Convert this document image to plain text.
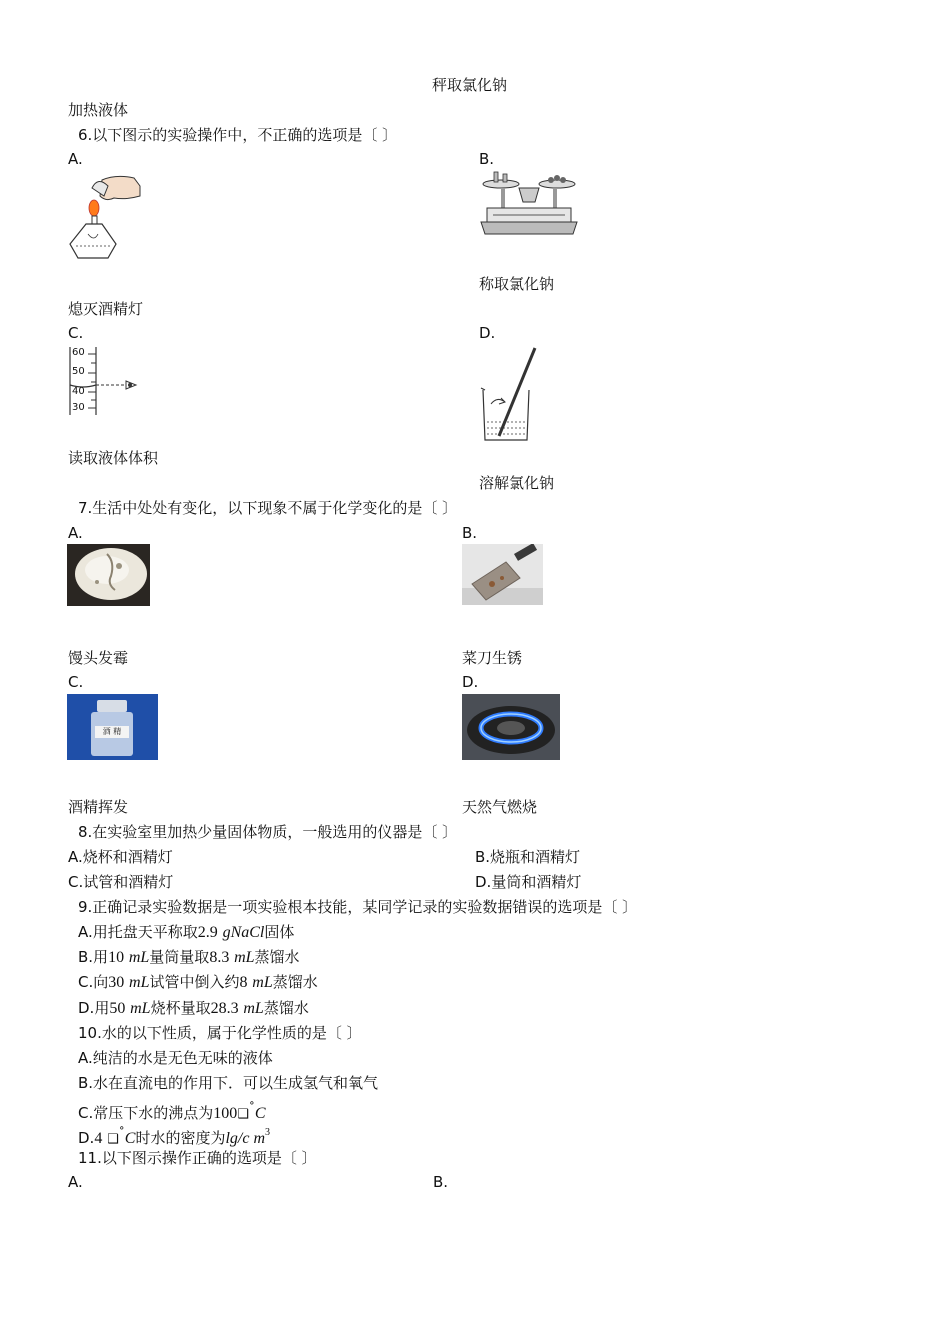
秤取氯化钠
加热液体
6.以下图示的实验操作中，不正确的选项是〔 〕
A.	B.
称取氯化钠
熄灭酒精灯
C.	D.
60
50
40
30
读取液体体积
溶解氯化钠
7.生活中处处有变化，以下现象不属于化学变化的是〔 〕
A.	B.
馒头发霉	菜刀生锈
C.	D.
酒 精
酒精挥发	天然气燃烧
8.在实验室里加热少量固体物质，一般选用的仪器是〔 〕
A.烧杯和酒精灯	B.烧瓶和酒精灯
C.试管和酒精灯	D.量筒和酒精灯
9.正确记录实验数据是一项实验根本技能，某同学记录的实验数据错误的选项是〔 〕
A.用托盘天平称取2.9 gNaCl固体
B.用10 mL量筒量取8.3 mL蒸馏水
C.向30 mL试管中倒入约8 mL蒸馏水
D.用50 mL烧杯量取28.3 mL蒸馏水
10.水的以下性质，属于化学性质的是〔 〕
A.纯洁的水是无色无味的液体
B.水在直流电的作用下．可以生成氢气和氧气
C.常压下水的沸点为100❑˚C
D.4 ❑˚C时水的密度为lg/c $m^3$
11.以下图示操作正确的选项是〔 〕
A.	B.
